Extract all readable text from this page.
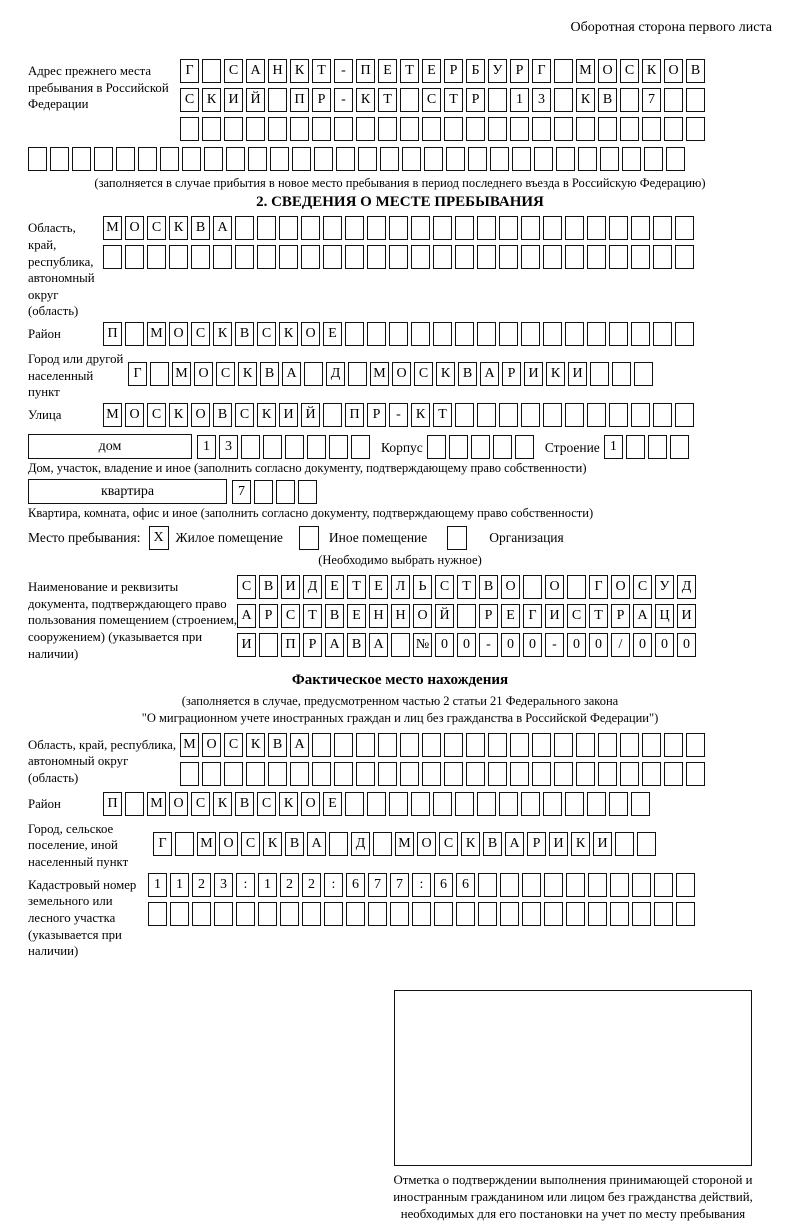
Оборотная сторона первого листа
Адрес прежнего места пребывания в Российской Федерации
Г	С А Н К Т	-	П Е Т Е Р	Б У Р	Г	М О С К О В
С К И Й	П Р	-	К Т	С Т Р	1	3	К В	7
(заполняется в случае прибытия в новое место пребывания в период последнего въезда в Российскую Федерацию)
2. СВЕДЕНИЯ О МЕСТЕ ПРЕБЫВАНИЯ
Область, край, республика, автономный округ (область)
М О С К В А
Район	П	М О С К В С К О Е
Город или другой населенный пункт
Г	М О С К В А	Д	М О С К В А Р И К И
Улица	М О С К О В С К И Й	П Р	-	К Т
дом	1	3	Корпус	Строение 1
Дом, участок, владение и иное (заполнить согласно документу, подтверждающему право собственности)
квартира	7
Квартира, комната, офис и иное (заполнить согласно документу, подтверждающему право собственности)
Место пребывания: X Жилое помещение	Иное помещение	Организация
(Необходимо выбрать нужное)
Наименование и реквизиты документа, подтверждающего право пользования помещением (строением, сооружением) (указывается при наличии)
С В И Д Е Т Е Л Ь С Т В О	О	Г О С У Д
А Р С Т В Е Н Н О Й	Р Е Г И С Т Р А Ц И
И	П Р А В А	№ 0	0	-	0	0	-	0	0	/	0	0	0
Фактическое место нахождения
(заполняется в случае, предусмотренном частью 2 статьи 21 Федерального закона
"О миграционном учете иностранных граждан и лиц без гражданства в Российской Федерации")
Область, край, республика, автономный округ (область)
М О С К В А
Район	П	М О С К В С К О Е
Город, сельское поселение, иной населенный пункт
Г	М О С К В А	Д	М О С К В А Р И К И
Кадастровый номер земельного или лесного участка (указывается при наличии)
1	1	2	3	:	1	2	2	:	6	7	7	:	6	6
Отметка о подтверждении выполнения принимающей стороной и иностранным гражданином или лицом без гражданства действий, необходимых для его постановки на учет по месту пребывания
